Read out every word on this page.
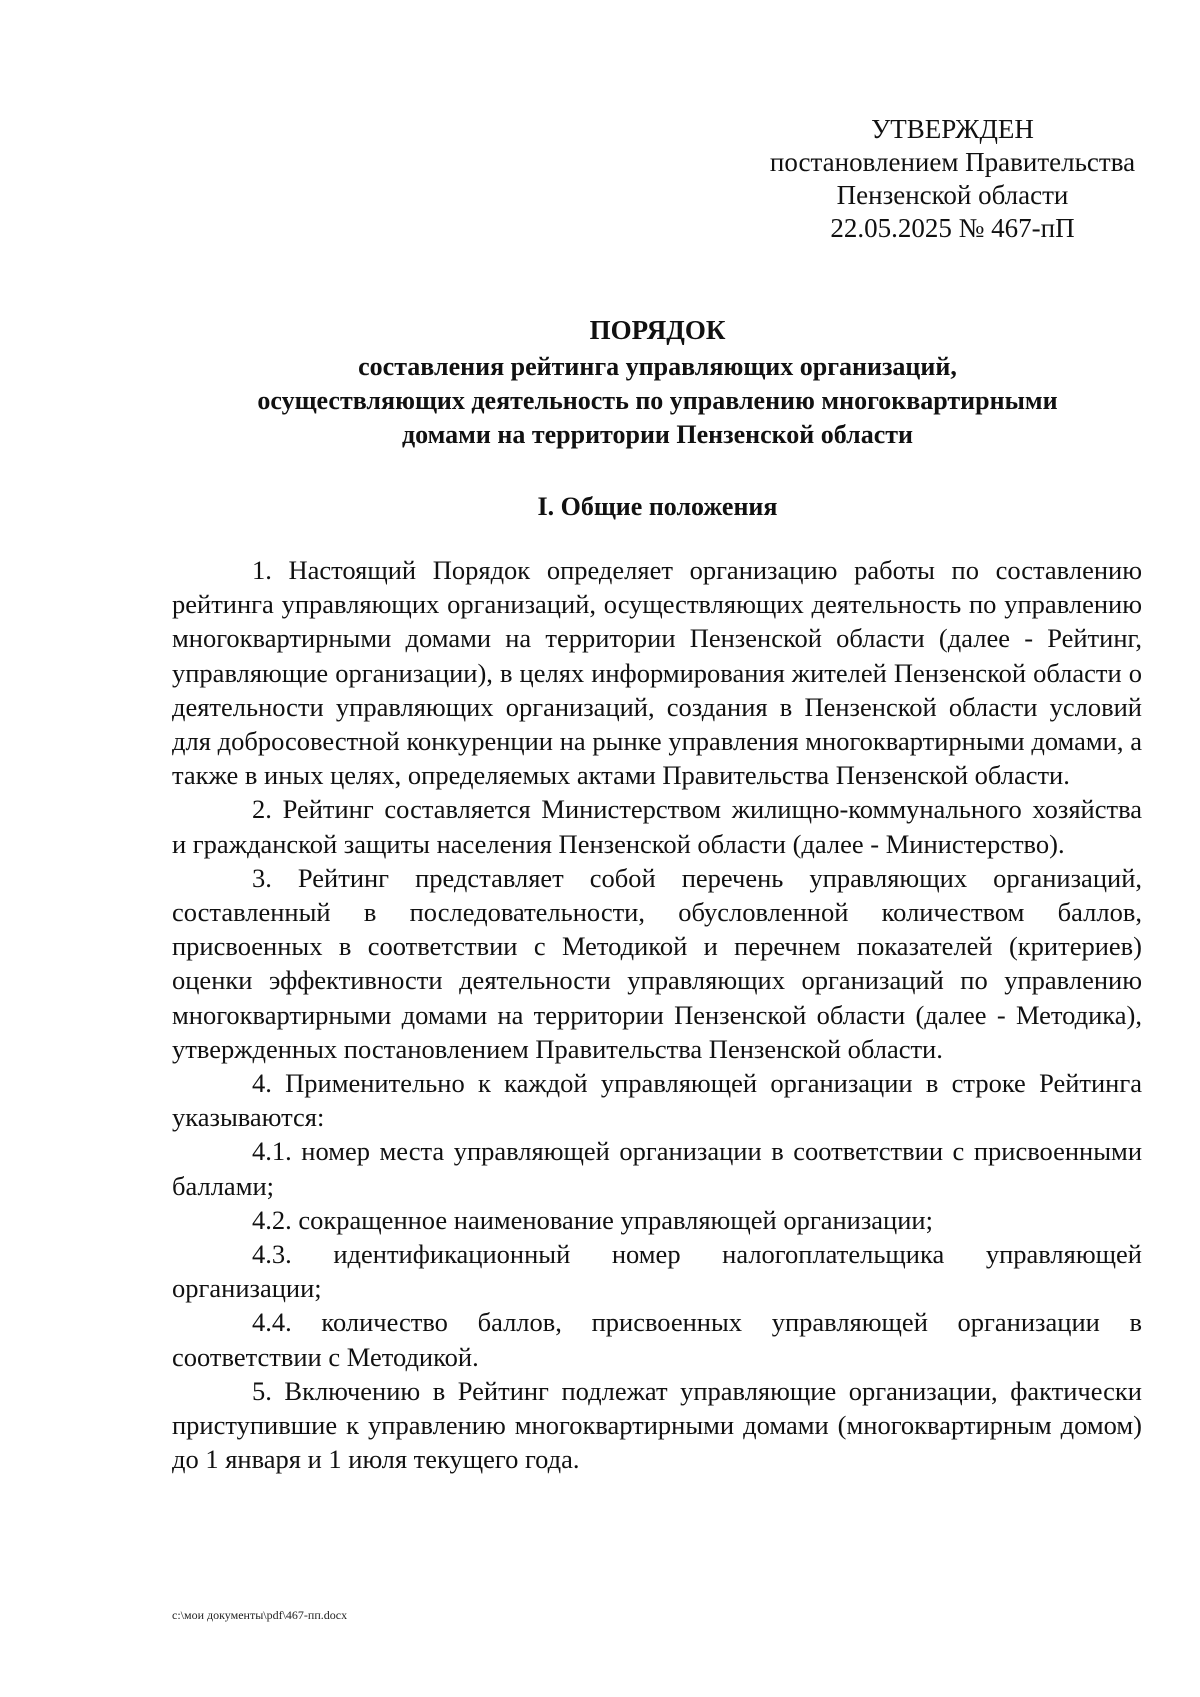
УТВЕРЖДЕН
постановлением Правительства
Пензенской области
22.05.2025 № 467-пП
ПОРЯДОК
составления рейтинга управляющих организаций,
осуществляющих деятельность по управлению многоквартирными
домами на территории Пензенской области
I. Общие положения

1. Настоящий Порядок определяет организацию работы по составлению рейтинга управляющих организаций, осуществляющих деятельность по управлению многоквартирными домами на территории Пензенской области (далее - Рейтинг, управляющие организации), в целях информирования жителей Пензенской области о деятельности управляющих организаций, создания в Пензенской области условий для добросовестной конкуренции на рынке управления многоквартирными домами, а также в иных целях, определяемых актами Правительства Пензенской области.

2. Рейтинг составляется Министерством жилищно-коммунального хозяйства и гражданской защиты населения Пензенской области (далее - Министерство).

3. Рейтинг представляет собой перечень управляющих организаций, составленный в последовательности, обусловленной количеством баллов, присвоенных в соответствии с Методикой и перечнем показателей (критериев) оценки эффективности деятельности управляющих организаций по управлению многоквартирными домами на территории Пензенской области (далее - Методика), утвержденных постановлением Правительства Пензенской области.

4. Применительно к каждой управляющей организации в строке Рейтинга указываются:

4.1. номер места управляющей организации в соответствии с присвоенными баллами;

4.2. сокращенное наименование управляющей организации;

4.3. идентификационный номер налогоплательщика управляющей организации;

4.4. количество баллов, присвоенных управляющей организации в соответствии с Методикой.

5. Включению в Рейтинг подлежат управляющие организации, фактически приступившие к управлению многоквартирными домами (многоквартирным домом) до 1 января и 1 июля текущего года.

c:\мои документы\pdf\467-пп.docx
